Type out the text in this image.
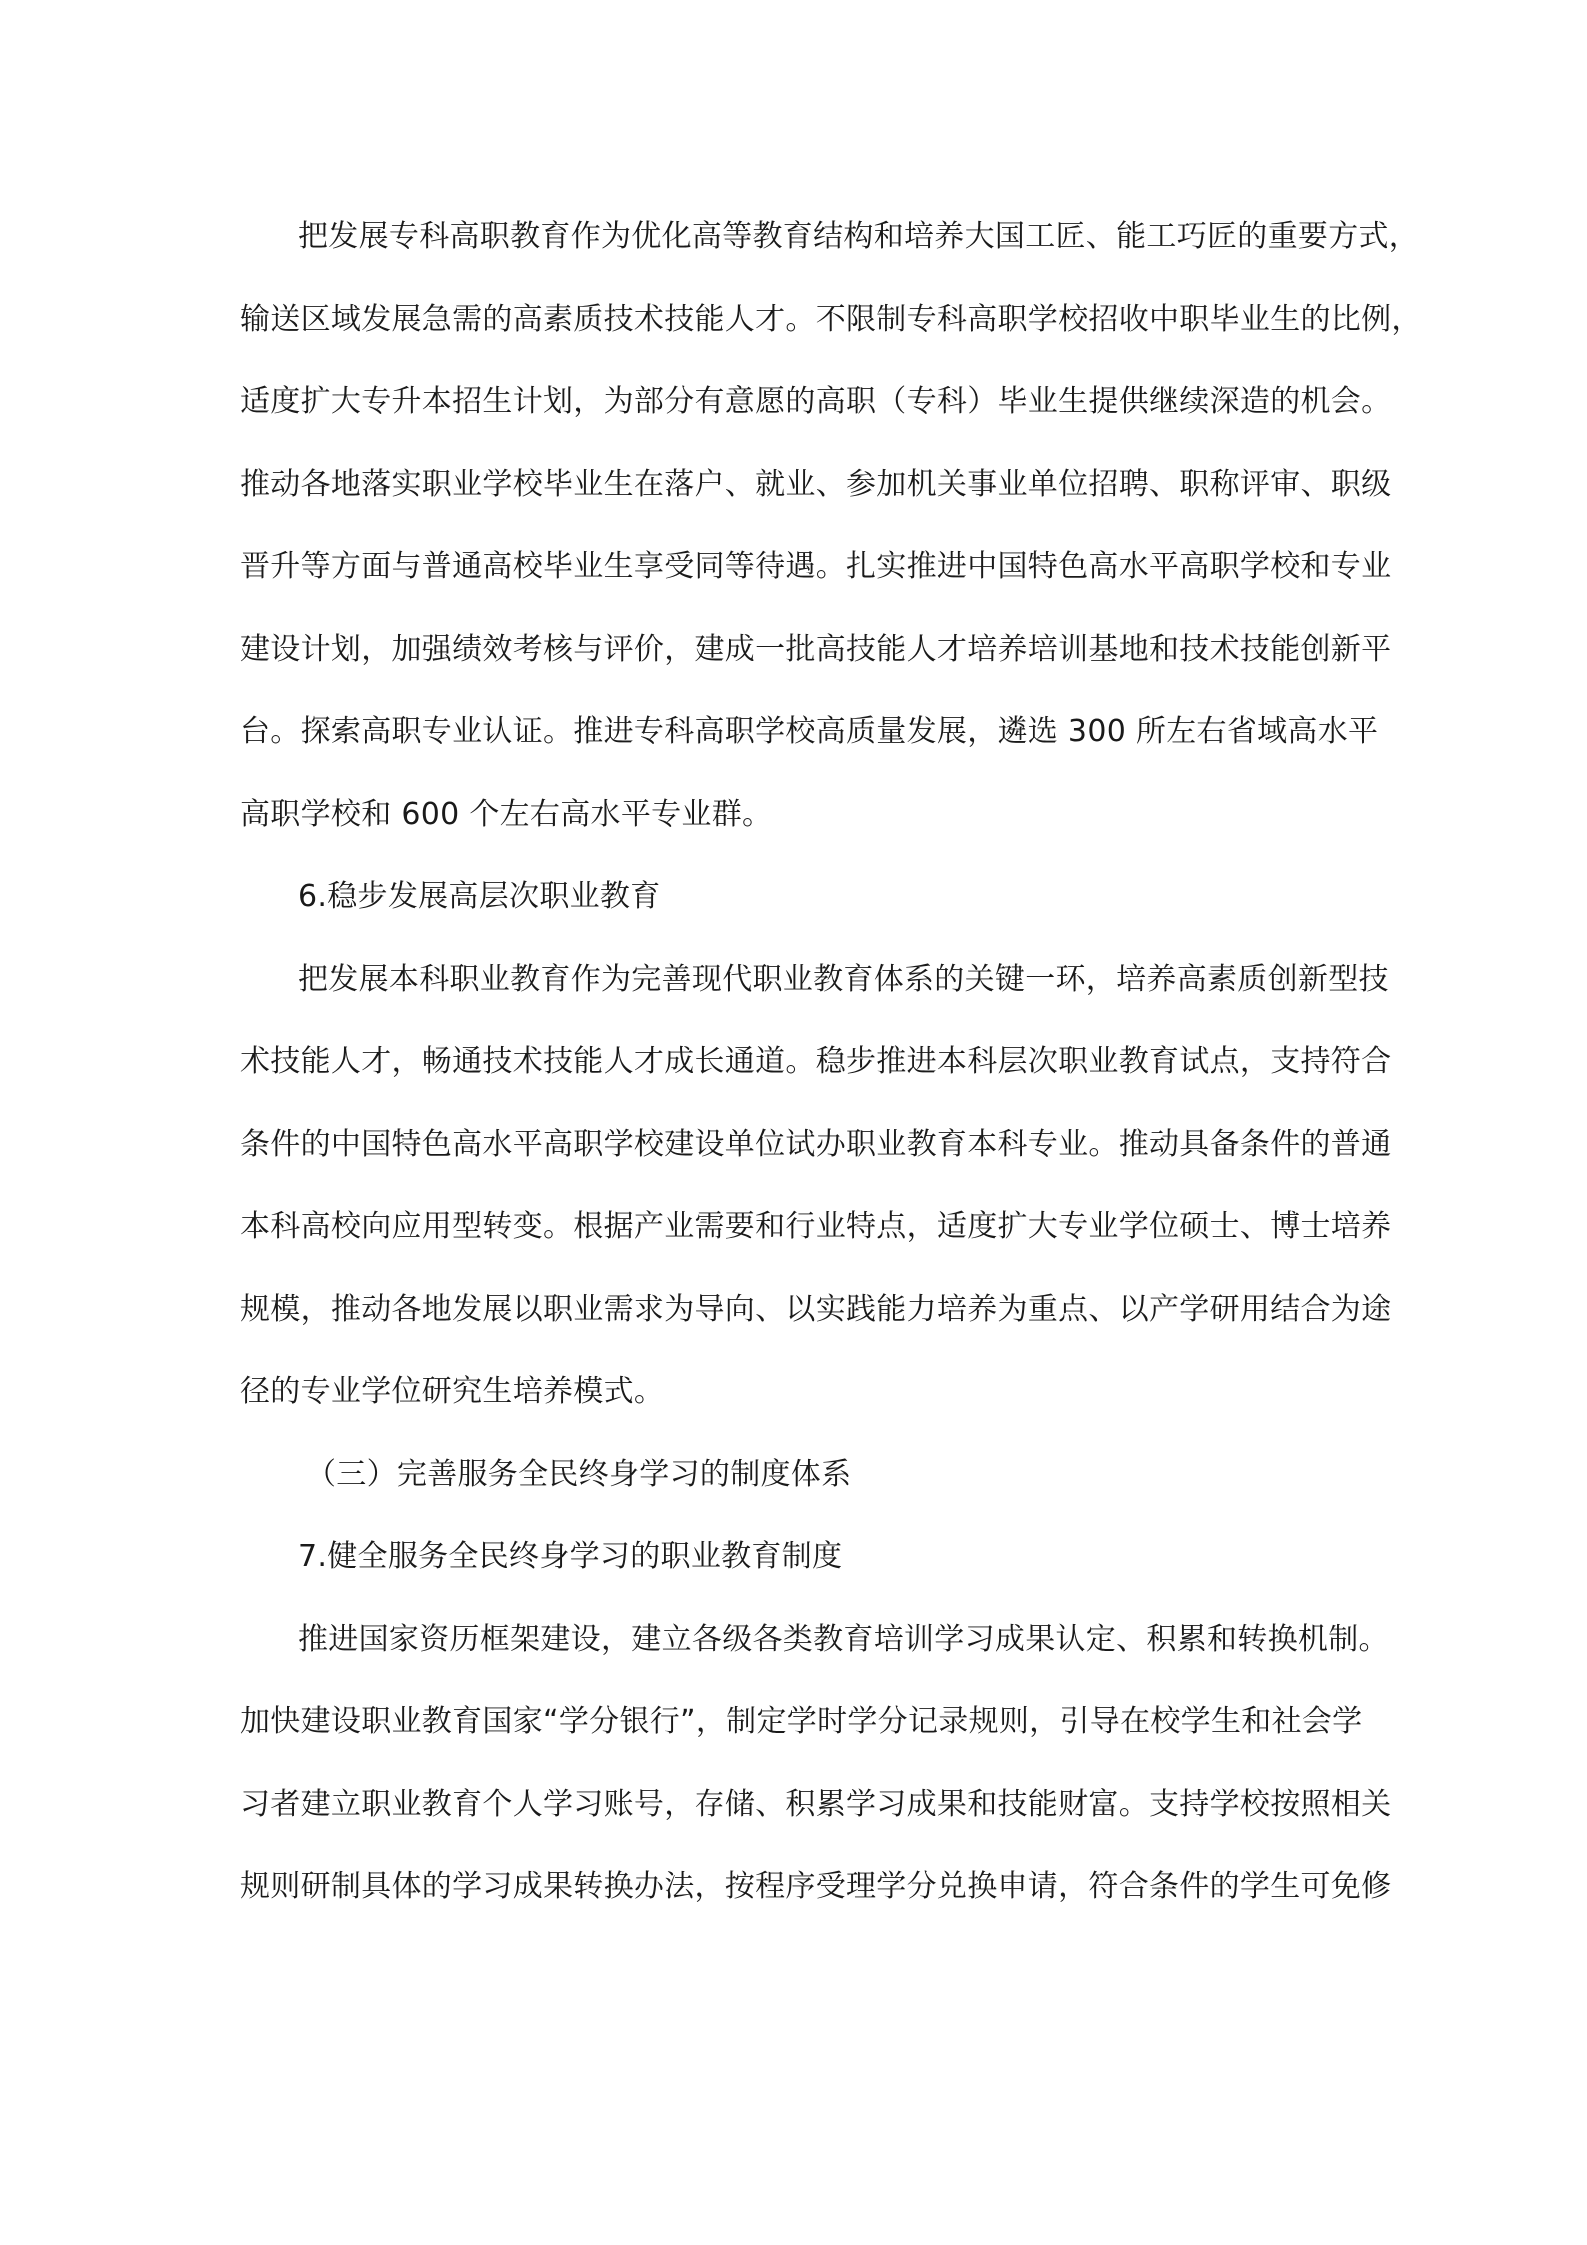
把发展专科高职教育作为优化高等教育结构和培养大国工匠、能工巧匠的重要方式，
输送区域发展急需的高素质技术技能人才。不限制专科高职学校招收中职毕业生的比例，
适度扩大专升本招生计划，为部分有意愿的高职（专科）毕业生提供继续深造的机会。
推动各地落实职业学校毕业生在落户、就业、参加机关事业单位招聘、职称评审、职级
晋升等方面与普通高校毕业生享受同等待遇。扎实推进中国特色高水平高职学校和专业
建设计划，加强绩效考核与评价，建成一批高技能人才培养培训基地和技术技能创新平
台。探索高职专业认证。推进专科高职学校高质量发展，遴选 300 所左右省域高水平
高职学校和 600 个左右高水平专业群。
6.稳步发展高层次职业教育
把发展本科职业教育作为完善现代职业教育体系的关键一环，培养高素质创新型技
术技能人才，畅通技术技能人才成长通道。稳步推进本科层次职业教育试点，支持符合
条件的中国特色高水平高职学校建设单位试办职业教育本科专业。推动具备条件的普通
本科高校向应用型转变。根据产业需要和行业特点，适度扩大专业学位硕士、博士培养
规模，推动各地发展以职业需求为导向、以实践能力培养为重点、以产学研用结合为途
径的专业学位研究生培养模式。
（三）完善服务全民终身学习的制度体系
7.健全服务全民终身学习的职业教育制度
推进国家资历框架建设，建立各级各类教育培训学习成果认定、积累和转换机制。
加快建设职业教育国家“学分银行”，制定学时学分记录规则，引导在校学生和社会学
习者建立职业教育个人学习账号，存储、积累学习成果和技能财富。支持学校按照相关
规则研制具体的学习成果转换办法，按程序受理学分兑换申请，符合条件的学生可免修
